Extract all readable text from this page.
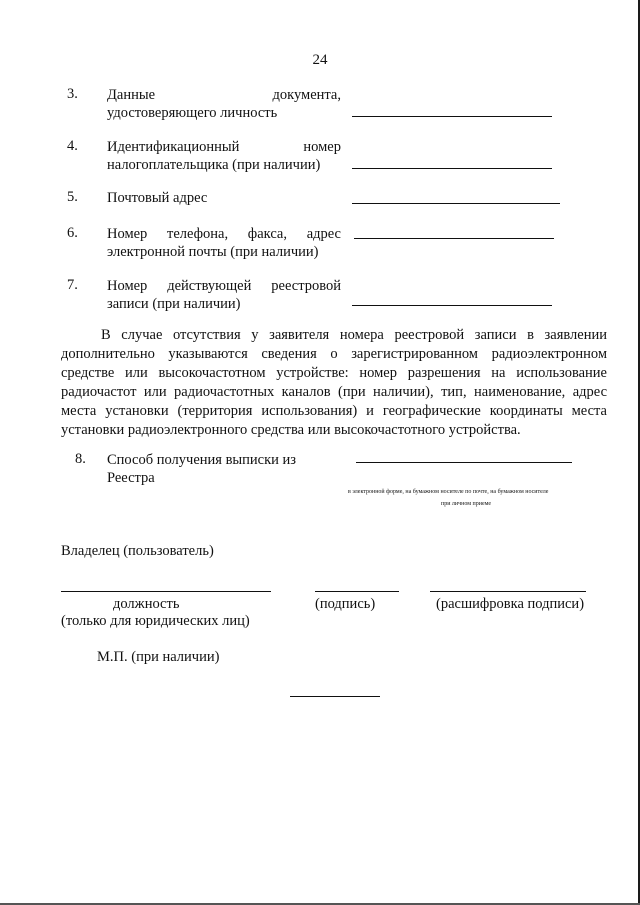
24
3. Данные документа,
удостоверяющего личность
4. Идентификационный номер
налогоплательщика (при наличии)
5. Почтовый адрес
6. Номер телефона, факса, адрес
электронной почты (при наличии)
7. Номер действующей реестровой
записи (при наличии)
В случае отсутствия у заявителя номера реестровой записи в заявлении дополнительно указываются сведения о зарегистрированном радиоэлектронном средстве или высокочастотном устройстве: номер разрешения на использование радиочастот или радиочастотных каналов (при наличии), тип, наименование, адрес места установки (территория использования) и географические координаты места установки радиоэлектронного средства или высокочастотного устройства.
8. Способ получения выписки из
Реестра
в электронной форме, на бумажном носителе по почте, на бумажном носителе
при личном приеме
Владелец (пользователь)
должность
(только для юридических лиц)
(подпись)	(расшифровка подписи)
М.П. (при наличии)
